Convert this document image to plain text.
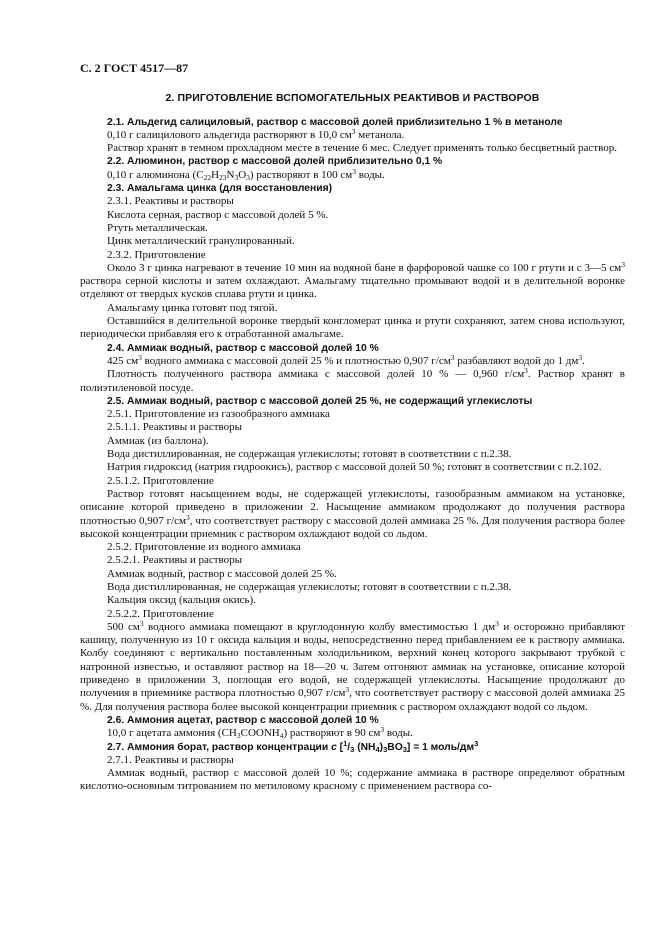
С. 2 ГОСТ 4517—87
2. ПРИГОТОВЛЕНИЕ ВСПОМОГАТЕЛЬНЫХ РЕАКТИВОВ И РАСТВОРОВ

2.1. Альдегид салициловый, раствор с массовой долей приблизительно 1 % в метаноле

0,10 г салицилового альдегида растворяют в 10,0 $см^3$ метанола.

Раствор хранят в темном прохладном месте в течение 6 мес. Следует применять только бесцветный раствор.

2.2. Алюминон, раствор с массовой долей приблизительно 0,1 %

0,10 г алюминона $(C_{22}H_{23}N_3O_3)$ растворяют в 100 $см^3$ воды.

2.3. Амальгама цинка (для восстановления)

2.3.1. Реактивы и растворы

Кислота серная, раствор с массовой долей 5 %.

Ртуть металлическая.

Цинк металлический гранулированный.

2.3.2. Приготовление

Около 3 г цинка нагревают в течение 10 мин на водяной бане в фарфоровой чашке со 100 г ртути и с 3—5 $см^3$ раствора серной кислоты и затем охлаждают. Амальгаму тщательно промывают водой и в делительной воронке отделяют от твердых кусков сплава ртути и цинка.

Амальгаму цинка готовят под тягой.

Оставшийся в делительной воронке твердый конгломерат цинка и ртути сохраняют, затем снова используют, периодически прибавляя его к отработанной амальгаме.

2.4. Аммиак водный, раствор с массовой долей 10 %

425 $см^3$ водного аммиака с массовой долей 25 % и плотностью 0,907 $г/см^3$ разбавляют водой до 1 $дм^3$.

Плотность полученного раствора аммиака с массовой долей 10 % — 0,960 $г/см^3$. Раствор хранят в полиэтиленовой посуде.

2.5. Аммиак водный, раствор с массовой долей 25 %, не содержащий углекислоты

2.5.1. Приготовление из газообразного аммиака

2.5.1.1. Реактивы и растворы

Аммиак (из баллона).

Вода дистиллированная, не содержащая углекислоты; готовят в соответствии с п.2.38.

Натрия гидроксид (натрия гидроокись), раствор с массовой долей 50 %; готовят в соответствии с п.2.102.

2.5.1.2. Приготовление

Раствор готовят насыщением воды, не содержащей углекислоты, газообразным аммиаком на установке, описание которой приведено в приложении 2. Насыщение аммиаком продолжают до получения раствора плотностью 0,907 $г/см^3$, что соответствует раствору с массовой долей аммиака 25 %. Для получения раствора более высокой концентрации приемник с раствором охлаждают водой со льдом.

2.5.2. Приготовление из водного аммиака

2.5.2.1. Реактивы и растворы

Аммиак водный, раствор с массовой долей 25 %.

Вода дистиллированная, не содержащая углекислоты; готовят в соответствии с п.2.38.

Кальция оксид (кальция окись).

2.5.2.2. Приготовление

500 $см^3$ водного аммиака помещают в круглодонную колбу вместимостью 1 $дм^3$ и осторожно прибавляют кашицу, полученную из 10 г оксида кальция и воды, непосредственно перед прибавлением ее к раствору аммиака. Колбу соединяют с вертикально поставленным холодильником, верхний конец которого закрывают трубкой с натронной известью, и оставляют раствор на 18—20 ч. Затем отгоняют аммиак на установке, описание которой приведено в приложении 3, поглощая его водой, не содержащей углекислоты. Насыщение продолжают до получения в приемнике раствора плотностью 0,907 $г/см^3$, что соответствует раствору с массовой долей аммиака 25 %. Для получения раствора более высокой концентрации приемник с раствором охлаждают водой со льдом.

2.6. Аммония ацетат, раствор с массовой долей 10 %

10,0 г ацетата аммония $(CH_3COONH_4)$ растворяют в 90 $см^3$ воды.

2.7. Аммония борат, раствор концентрации c [$^1/_3$ $(NH_4)_3BO_3] = 1$ моль/$дм^3$

2.7.1. Реактивы и растворы

Аммиак водный, раствор с массовой долей 10 %; содержание аммиака в растворе определяют обратным кислотно-основным титрованием по метиловому красному с применением раствора со-
